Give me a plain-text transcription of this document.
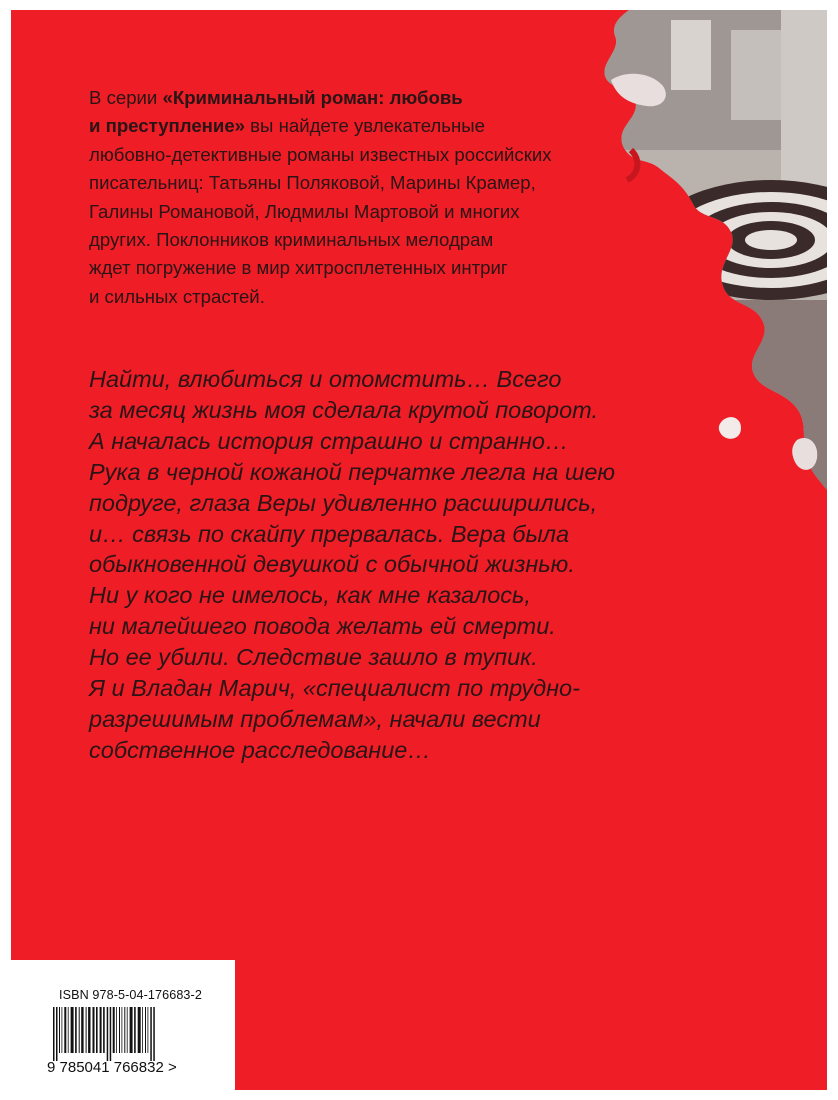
В серии «Криминальный роман: любовь
и преступление» вы найдете увлекательные
любовно-детективные романы известных российских
писательниц: Татьяны Поляковой, Марины Крамер,
Галины Романовой, Людмилы Мартовой и многих
других. Поклонников криминальных мелодрам
ждет погружение в мир хитросплетенных интриг
и сильных страстей.

Найти, влюбиться и отомстить… Всего
за месяц жизнь моя сделала крутой поворот.
А началась история страшно и странно…
Рука в черной кожаной перчатке легла на шею
подруге, глаза Веры удивленно расширились,
и… связь по скайпу прервалась. Вера была
обыкновенной девушкой с обычной жизнью.
Ни у кого не имелось, как мне казалось,
ни малейшего повода желать ей смерти.
Но ее убили. Следствие зашло в тупик.
Я и Владан Марич, «специалист по трудно-
разрешимым проблемам», начали вести
собственное расследование…

ISBN 978-5-04-176683-2
9 785041 766832 >
